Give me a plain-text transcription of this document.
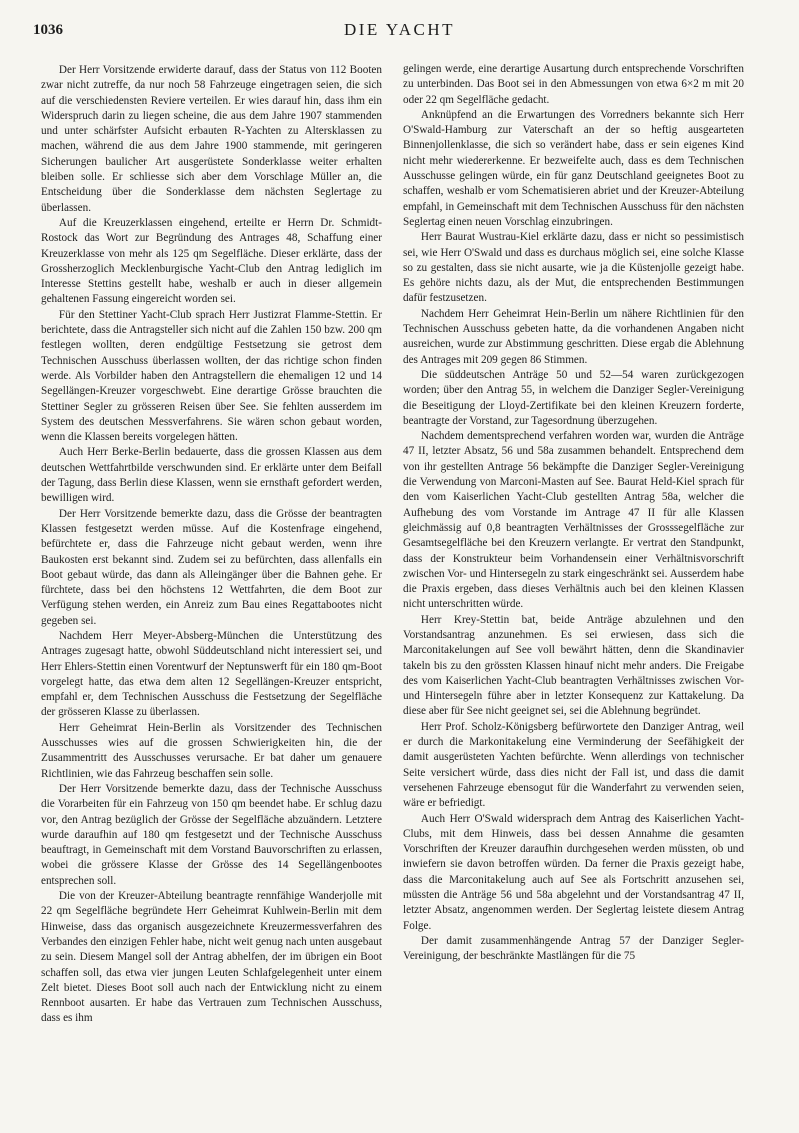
1036	DIE YACHT

Der Herr Vorsitzende erwiderte darauf, dass der Status von 112 Booten zwar nicht zutreffe, da nur noch 58 Fahrzeuge eingetragen seien, die sich auf die verschiedensten Reviere verteilen. Er wies darauf hin, dass ihm ein Widerspruch darin zu liegen scheine, die aus dem Jahre 1907 stammenden und unter schärfster Aufsicht erbauten R-Yachten zu Altersklassen zu machen, während die aus dem Jahre 1900 stammende, mit geringeren Sicherungen baulicher Art ausgerüstete Sonderklasse weiter erhalten bleiben solle. Er schliesse sich aber dem Vorschlage Müller an, die Entscheidung über die Sonderklasse dem nächsten Seglertage zu überlassen.

Auf die Kreuzerklassen eingehend, erteilte er Herrn Dr. Schmidt-Rostock das Wort zur Begründung des Antrages 48, Schaffung einer Kreuzerklasse von mehr als 125 qm Segelfläche. Dieser erklärte, dass der Grossherzoglich Mecklenburgische Yacht-Club den Antrag lediglich im Interesse Stettins gestellt habe, weshalb er auch in dieser allgemein gehaltenen Fassung eingereicht worden sei.

Für den Stettiner Yacht-Club sprach Herr Justizrat Flamme-Stettin. Er berichtete, dass die Antragsteller sich nicht auf die Zahlen 150 bzw. 200 qm festlegen wollten, deren endgültige Festsetzung sie getrost dem Technischen Ausschuss überlassen wollten, der das richtige schon finden werde. Als Vorbilder haben den Antragstellern die ehemaligen 12 und 14 Segellängen-Kreuzer vorgeschwebt. Eine derartige Grösse brauchten die Stettiner Segler zu grösseren Reisen über See. Sie fehlten ausserdem im System des deutschen Messverfahrens. Sie wären schon gebaut worden, wenn die Klassen bereits vorgelegen hätten.

Auch Herr Berke-Berlin bedauerte, dass die grossen Klassen aus dem deutschen Wettfahrtbilde verschwunden sind. Er erklärte unter dem Beifall der Tagung, dass Berlin diese Klassen, wenn sie ernsthaft gefordert werden, bewilligen wird.

Der Herr Vorsitzende bemerkte dazu, dass die Grösse der beantragten Klassen festgesetzt werden müsse. Auf die Kostenfrage eingehend, befürchtete er, dass die Fahrzeuge nicht gebaut werden, wenn ihre Baukosten erst bekannt sind. Zudem sei zu befürchten, dass allenfalls ein Boot gebaut würde, das dann als Alleingänger über die Bahnen gehe. Er fürchtete, dass bei den höchstens 12 Wettfahrten, die dem Boot zur Verfügung stehen werden, ein Anreiz zum Bau eines Regattabootes nicht gegeben sei.

Nachdem Herr Meyer-Absberg-München die Unterstützung des Antrages zugesagt hatte, obwohl Süddeutschland nicht interessiert sei, und Herr Ehlers-Stettin einen Vorentwurf der Neptunswerft für ein 180 qm-Boot vorgelegt hatte, das etwa dem alten 12 Segellängen-Kreuzer entspricht, empfahl er, dem Technischen Ausschuss die Festsetzung der Segelfläche der grösseren Klasse zu überlassen.

Herr Geheimrat Hein-Berlin als Vorsitzender des Technischen Ausschusses wies auf die grossen Schwierigkeiten hin, die der Zusammentritt des Ausschusses verursache. Er bat daher um genauere Richtlinien, wie das Fahrzeug beschaffen sein solle.

Der Herr Vorsitzende bemerkte dazu, dass der Technische Ausschuss die Vorarbeiten für ein Fahrzeug von 150 qm beendet habe. Er schlug dazu vor, den Antrag bezüglich der Grösse der Segelfläche abzuändern. Letztere wurde daraufhin auf 180 qm festgesetzt und der Technische Ausschuss beauftragt, in Gemeinschaft mit dem Vorstand Bauvorschriften zu erlassen, wobei die grössere Klasse der Grösse des 14 Segellängenbootes entsprechen soll.

Die von der Kreuzer-Abteilung beantragte rennfähige Wanderjolle mit 22 qm Segelfläche begründete Herr Geheimrat Kuhlwein-Berlin mit dem Hinweise, dass das organisch ausgezeichnete Kreuzermessverfahren des Verbandes den einzigen Fehler habe, nicht weit genug nach unten ausgebaut zu sein. Diesem Mangel soll der Antrag abhelfen, der im übrigen ein Boot schaffen soll, das etwa vier jungen Leuten Schlafgelegenheit unter einem Zelt bietet. Dieses Boot soll auch nach der Entwicklung nicht zu einem Rennboot ausarten. Er habe das Vertrauen zum Technischen Ausschuss, dass es ihm

gelingen werde, eine derartige Ausartung durch entsprechende Vorschriften zu unterbinden. Das Boot sei in den Abmessungen von etwa 6×2 m mit 20 oder 22 qm Segelfläche gedacht.

Anknüpfend an die Erwartungen des Vorredners bekannte sich Herr O'Swald-Hamburg zur Vaterschaft an der so heftig ausgearteten Binnenjollenklasse, die sich so verändert habe, dass er sein eigenes Kind nicht mehr wiedererkenne. Er bezweifelte auch, dass es dem Technischen Ausschusse gelingen würde, ein für ganz Deutschland geeignetes Boot zu schaffen, weshalb er vom Schematisieren abriet und der Kreuzer-Abteilung empfahl, in Gemeinschaft mit dem Technischen Ausschuss für den nächsten Seglertag einen neuen Vorschlag einzubringen.

Herr Baurat Wustrau-Kiel erklärte dazu, dass er nicht so pessimistisch sei, wie Herr O'Swald und dass es durchaus möglich sei, eine solche Klasse so zu gestalten, dass sie nicht ausarte, wie ja die Küstenjolle gezeigt habe. Es gehöre nichts dazu, als der Mut, die entsprechenden Bestimmungen dafür festzusetzen.

Nachdem Herr Geheimrat Hein-Berlin um nähere Richtlinien für den Technischen Ausschuss gebeten hatte, da die vorhandenen Angaben nicht ausreichen, wurde zur Abstimmung geschritten. Diese ergab die Ablehnung des Antrages mit 209 gegen 86 Stimmen.

Die süddeutschen Anträge 50 und 52—54 waren zurückgezogen worden; über den Antrag 55, in welchem die Danziger Segler-Vereinigung die Beseitigung der Lloyd-Zertifikate bei den kleinen Kreuzern forderte, beantragte der Vorstand, zur Tagesordnung überzugehen.

Nachdem dementsprechend verfahren worden war, wurden die Anträge 47 II, letzter Absatz, 56 und 58a zusammen behandelt. Entsprechend dem von ihr gestellten Antrage 56 bekämpfte die Danziger Segler-Vereinigung die Verwendung von Marconi-Masten auf See. Baurat Held-Kiel sprach für den vom Kaiserlichen Yacht-Club gestellten Antrag 58a, welcher die Aufhebung des vom Vorstande im Antrage 47 II für alle Klassen gleichmässig auf 0,8 beantragten Verhältnisses der Grosssegelfläche zur Gesamtsegelfläche bei den Kreuzern verlangte. Er vertrat den Standpunkt, dass der Konstrukteur beim Vorhandensein einer Verhältnisvorschrift zwischen Vor- und Hintersegeln zu stark eingeschränkt sei. Ausserdem habe die Praxis ergeben, dass dieses Verhältnis auch bei den kleinen Klassen nicht unterschritten würde.

Herr Krey-Stettin bat, beide Anträge abzulehnen und den Vorstandsantrag anzunehmen. Es sei erwiesen, dass sich die Marconitakelungen auf See voll bewährt hätten, denn die Skandinavier takeln bis zu den grössten Klassen hinauf nicht mehr anders. Die Freigabe des vom Kaiserlichen Yacht-Club beantragten Verhältnisses zwischen Vor- und Hintersegeln führe aber in letzter Konsequenz zur Kattakelung. Da diese aber für See nicht geeignet sei, sei die Ablehnung begründet.

Herr Prof. Scholz-Königsberg befürwortete den Danziger Antrag, weil er durch die Markonitakelung eine Verminderung der Seefähigkeit der damit ausgerüsteten Yachten befürchte. Wenn allerdings von technischer Seite versichert würde, dass dies nicht der Fall ist, und dass die damit versehenen Fahrzeuge ebensogut für die Wanderfahrt zu verwenden seien, wäre er befriedigt.

Auch Herr O'Swald widersprach dem Antrag des Kaiserlichen Yacht-Clubs, mit dem Hinweis, dass bei dessen Annahme die gesamten Vorschriften der Kreuzer daraufhin durchgesehen werden müssten, ob und inwiefern sie davon betroffen würden. Da ferner die Praxis gezeigt habe, dass die Marconitakelung auch auf See als Fortschritt anzusehen sei, müssten die Anträge 56 und 58a abgelehnt und der Vorstandsantrag 47 II, letzter Absatz, angenommen werden. Der Seglertag leistete diesem Antrag Folge.

Der damit zusammenhängende Antrag 57 der Danziger Segler-Vereinigung, der beschränkte Mastlängen für die 75
